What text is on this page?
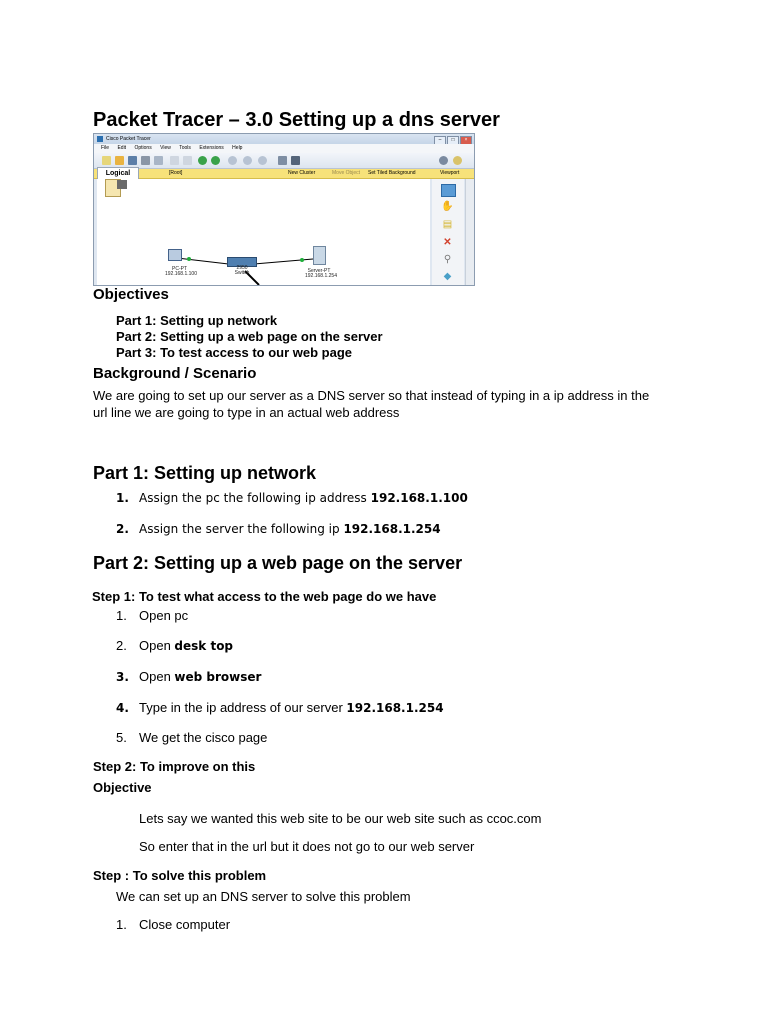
Packet Tracer – 3.0 Setting up a dns server
Cisco Packet Tracer	– □ ×
File Edit Options View Tools Extensions Help
[Root]	New Cluster	Move Object Set Tiled Background	Viewport
Logical
PC-PT
192.168.1.100
2950
Switch	Server-PT
192.168.1.254
✋
▤
✕
⚲
◆
Objectives
Part 1: Setting up network
Part 2: Setting up a web page on the server
Part 3: To test access to our web page
Background / Scenario
We are going to set up our server as a DNS server so that instead of typing in a ip address in the
url line we are going to type in an actual web address
Part 1: Setting up network
1. Assign the pc the following ip address 192.168.1.100
2. Assign the server the following ip 192.168.1.254
Part 2: Setting up a web page on the server
Step 1: To test what access to the web page do we have
1. Open pc
2. Open desk top
3. Open web browser
4. Type in the ip address of our server 192.168.1.254
5. We get the cisco page
Step 2: To improve on this
Objective
Lets say we wanted this web site to be our web site such as ccoc.com
So enter that in the url but it does not go to our web server
Step : To solve this problem
We can set up an DNS server to solve this problem
1. Close computer
